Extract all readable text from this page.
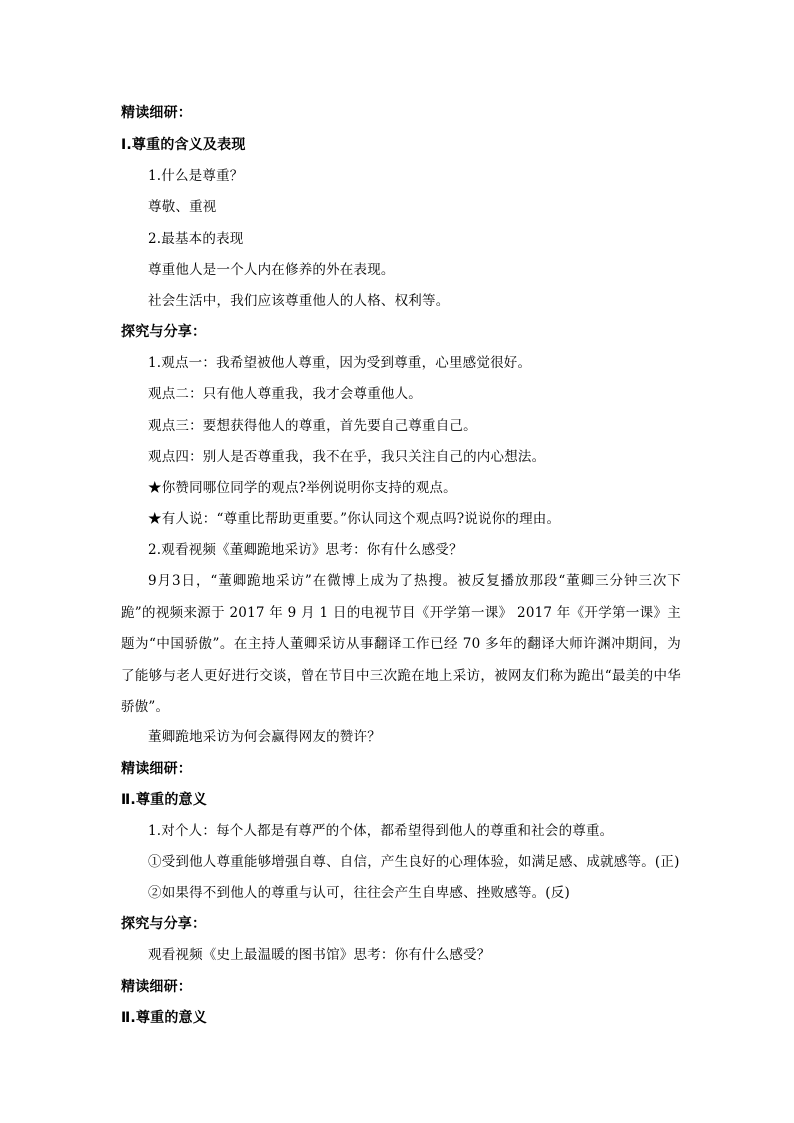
精读细研：
Ⅰ.尊重的含义及表现
1.什么是尊重？
尊敬、重视
2.最基本的表现
尊重他人是一个人内在修养的外在表现。
社会生活中，我们应该尊重他人的人格、权利等。
探究与分享：
1.观点一：我希望被他人尊重，因为受到尊重，心里感觉很好。
观点二：只有他人尊重我，我才会尊重他人。
观点三：要想获得他人的尊重，首先要自己尊重自己。
观点四：别人是否尊重我，我不在乎，我只关注自己的内心想法。
★你赞同哪位同学的观点?举例说明你支持的观点。
★有人说：“尊重比帮助更重要。”你认同这个观点吗?说说你的理由。
2.观看视频《董卿跪地采访》思考：你有什么感受？
9月3日，“董卿跪地采访”在微博上成为了热搜。被反复播放那段“董卿三分钟三次下跪”的视频来源于 2017 年 9 月 1 日的电视节目《开学第一课》 2017 年《开学第一课》主题为“中国骄傲”。在主持人董卿采访从事翻译工作已经 70 多年的翻译大师许渊冲期间，为了能够与老人更好进行交谈，曾在节目中三次跪在地上采访，被网友们称为跪出“最美的中华骄傲”。
董卿跪地采访为何会赢得网友的赞许？
精读细研：
Ⅱ.尊重的意义
1.对个人：每个人都是有尊严的个体，都希望得到他人的尊重和社会的尊重。
①受到他人尊重能够增强自尊、自信，产生良好的心理体验，如满足感、成就感等。(正)
②如果得不到他人的尊重与认可，往往会产生自卑感、挫败感等。(反)
探究与分享：
观看视频《史上最温暖的图书馆》思考：你有什么感受？
精读细研：
Ⅱ.尊重的意义
